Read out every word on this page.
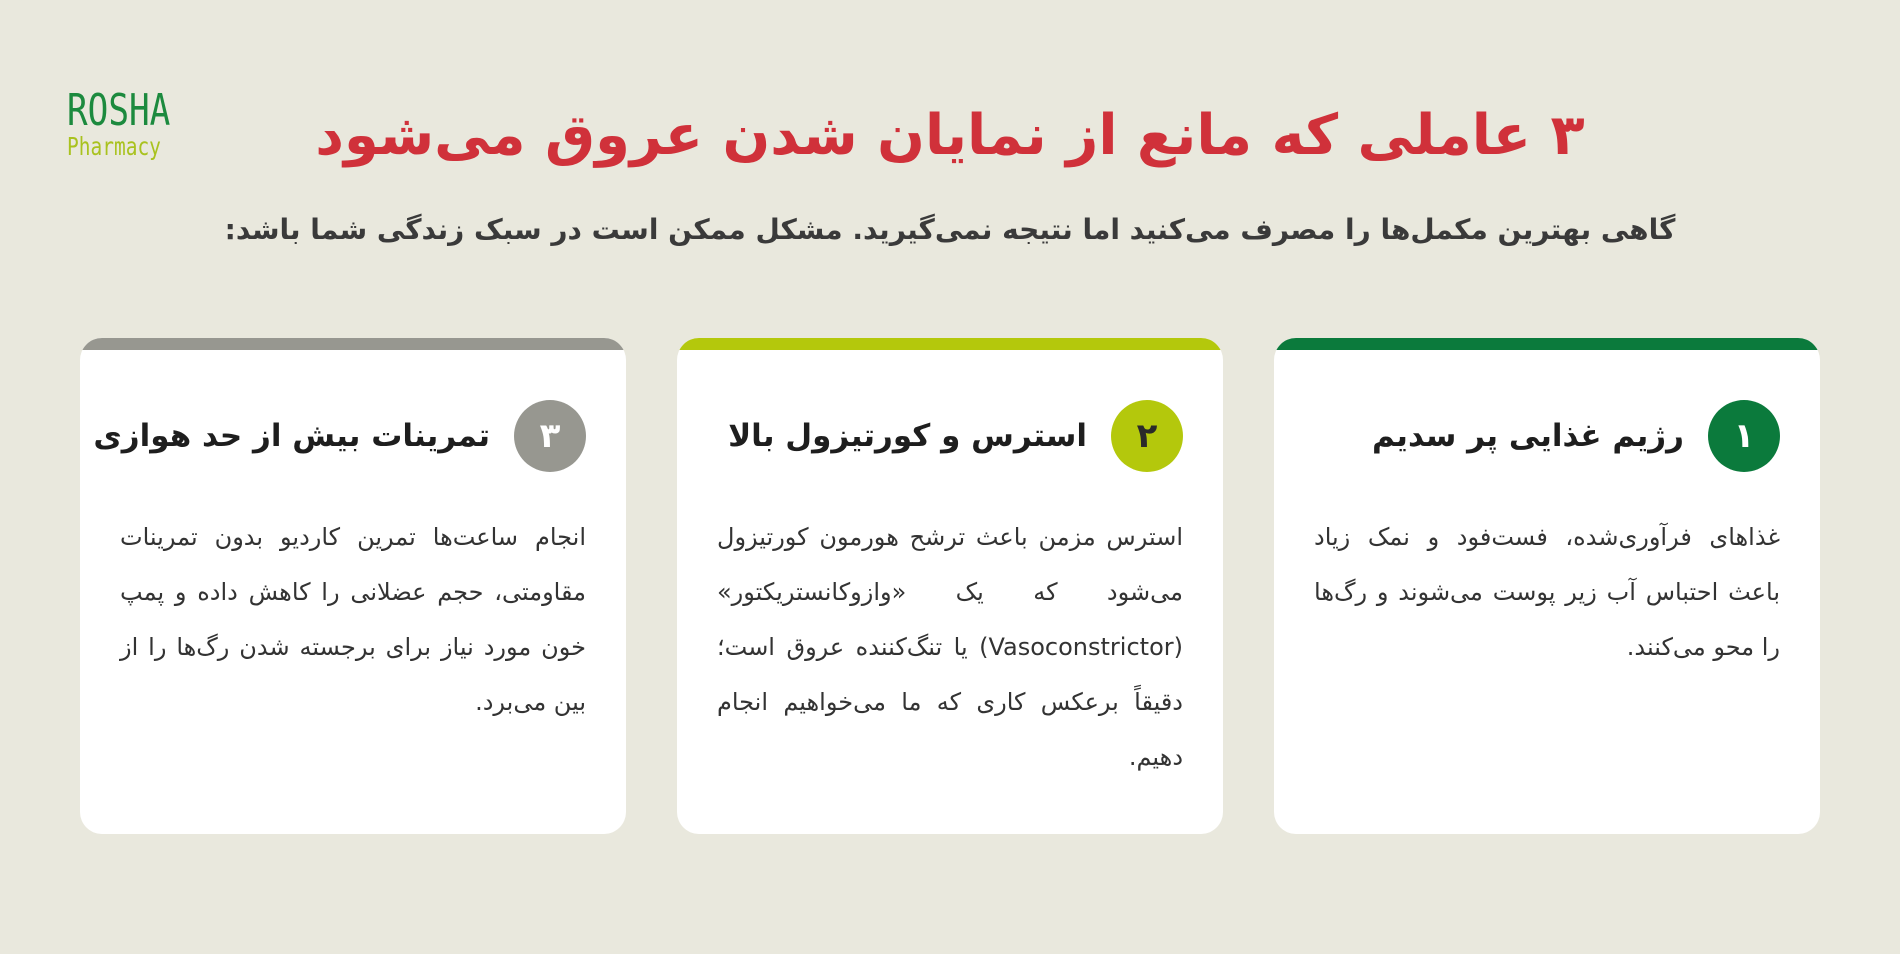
ROSHA
Pharmacy	۳ عاملی که مانع از نمایان شدن عروق می‌شود

گاهی بهترین مکمل‌ها را مصرف می‌کنید اما نتیجه نمی‌گیرید. مشکل ممکن است در سبک زندگی شما باشد:

۱
رژیم غذایی پر سدیم

غذاهای فرآوری‌شده، فست‌فود و نمک زیاد باعث احتباس آب زیر پوست می‌شوند و رگ‌ها را محو می‌کنند.

۲
استرس و کورتیزول بالا

استرس مزمن باعث ترشح هورمون کورتیزول می‌شود که یک «وازوکانستریکتور» (Vasoconstrictor) یا تنگ‌کننده عروق است؛ دقیقاً برعکس کاری که ما می‌خواهیم انجام دهیم.

۳
تمرینات بیش از حد هوازی

انجام ساعت‌ها تمرین کاردیو بدون تمرینات مقاومتی، حجم عضلانی را کاهش داده و پمپ خون مورد نیاز برای برجسته شدن رگ‌ها را از بین می‌برد.
